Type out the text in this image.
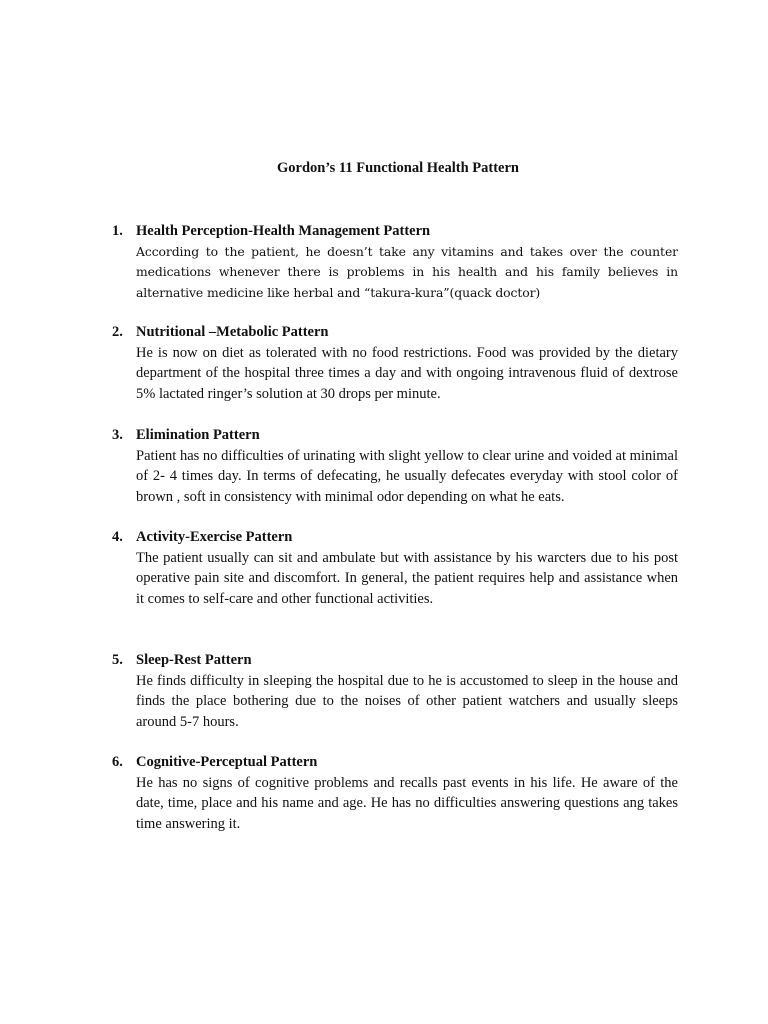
Gordon’s 11 Functional Health Pattern
1. Health Perception-Health Management Pattern
According to the patient, he doesn’t take any vitamins and takes over the counter medications whenever there is problems in his health and his family believes in alternative medicine like herbal and “takura-kura”(quack doctor)
2. Nutritional –Metabolic Pattern
He is now on diet as tolerated with no food restrictions. Food was provided by the dietary department of the hospital three times a day and with ongoing intravenous fluid of dextrose 5% lactated ringer’s solution at 30 drops per minute.
3. Elimination Pattern
Patient has no difficulties of urinating with slight yellow to clear urine and voided at minimal of 2- 4 times day. In terms of defecating, he usually defecates everyday with stool color of brown , soft in consistency with minimal odor depending on what he eats.
4. Activity-Exercise Pattern
The patient usually can sit and ambulate but with assistance by his warcters due to his post operative pain site and discomfort. In general, the patient requires help and assistance when it comes to self-care and other functional activities.
5. Sleep-Rest Pattern
He finds difficulty in sleeping the hospital due to he is accustomed to sleep in the house and finds the place bothering due to the noises of other patient watchers and usually sleeps around 5-7 hours.
6. Cognitive-Perceptual Pattern
He has no signs of cognitive problems and recalls past events in his life. He aware of the date, time, place and his name and age. He has no difficulties answering questions ang takes time answering it.
